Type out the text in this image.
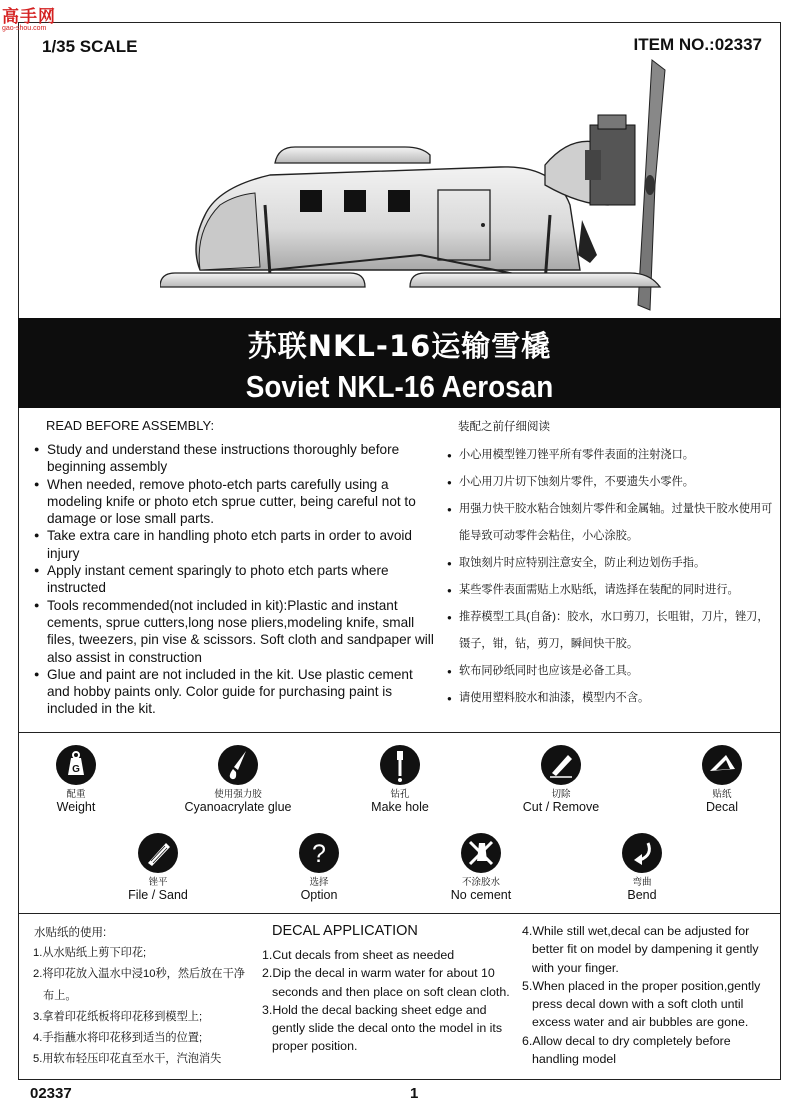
高手网
gao-shou.com
1/35 SCALE	ITEM NO.:02337
苏联NKL-16运输雪橇
Soviet NKL-16 Aerosan
READ BEFORE ASSEMBLY:
● Study and understand these instructions thoroughly before beginning assembly
● When needed, remove photo-etch parts carefully using a modeling knife or photo etch sprue cutter, being careful not to damage or lose small parts.
● Take extra care in handling photo etch parts in order to avoid injury
● Apply instant cement sparingly to photo etch parts where instructed
● Tools recommended(not included in kit):Plastic and instant cements, sprue cutters,long nose pliers,modeling knife, small files, tweezers, pin vise & scissors. Soft cloth and sandpaper will also assist in construction
● Glue and paint are not included in the kit. Use plastic cement and hobby paints only. Color guide for purchasing paint is included in the kit.
装配之前仔细阅读
● 小心用模型锉刀锉平所有零件表面的注射浇口。
● 小心用刀片切下蚀刻片零件，不要遗失小零件。
● 用强力快干胶水粘合蚀刻片零件和金属轴。过量快干胶水使用可能导致可动零件会粘住，小心涂胶。
● 取蚀刻片时应特别注意安全，防止利边划伤手指。
● 某些零件表面需贴上水贴纸，请选择在装配的同时进行。
● 推荐模型工具(自备)：胶水，水口剪刀，长咀钳，刀片，锉刀，镊子，钳，钻，剪刀，瞬间快干胶。
● 软布同砂纸同时也应该是必备工具。
● 请使用塑料胶水和油漆，模型内不含。
G
配重
Weight
使用强力胶
Cyanoacrylate glue
钻孔
Make hole
切除
Cut / Remove
贴纸
Decal
锉平
File / Sand
?
选择
Option
不涂胶水
No cement
弯曲
Bend
水贴纸的使用:
1.从水贴纸上剪下印花;
2.将印花放入温水中浸10秒，然后放在干净布上。
3.拿着印花纸板将印花移到模型上;
4.手指蘸水将印花移到适当的位置;
5.用软布轻压印花直至水干，汽泡消失
DECAL APPLICATION
1.Cut decals from sheet as needed
2.Dip the decal in warm water for about 10 seconds and then place on soft clean cloth.
3.Hold the decal backing sheet edge and gently slide the decal onto the model in its proper position.
4.While still wet,decal can be adjusted for better fit on model by dampening it gently with your finger.
5.When placed in the proper position,gently press decal down with a soft cloth until excess water and air bubbles are gone.
6.Allow decal to dry completely before handling model
02337	1
